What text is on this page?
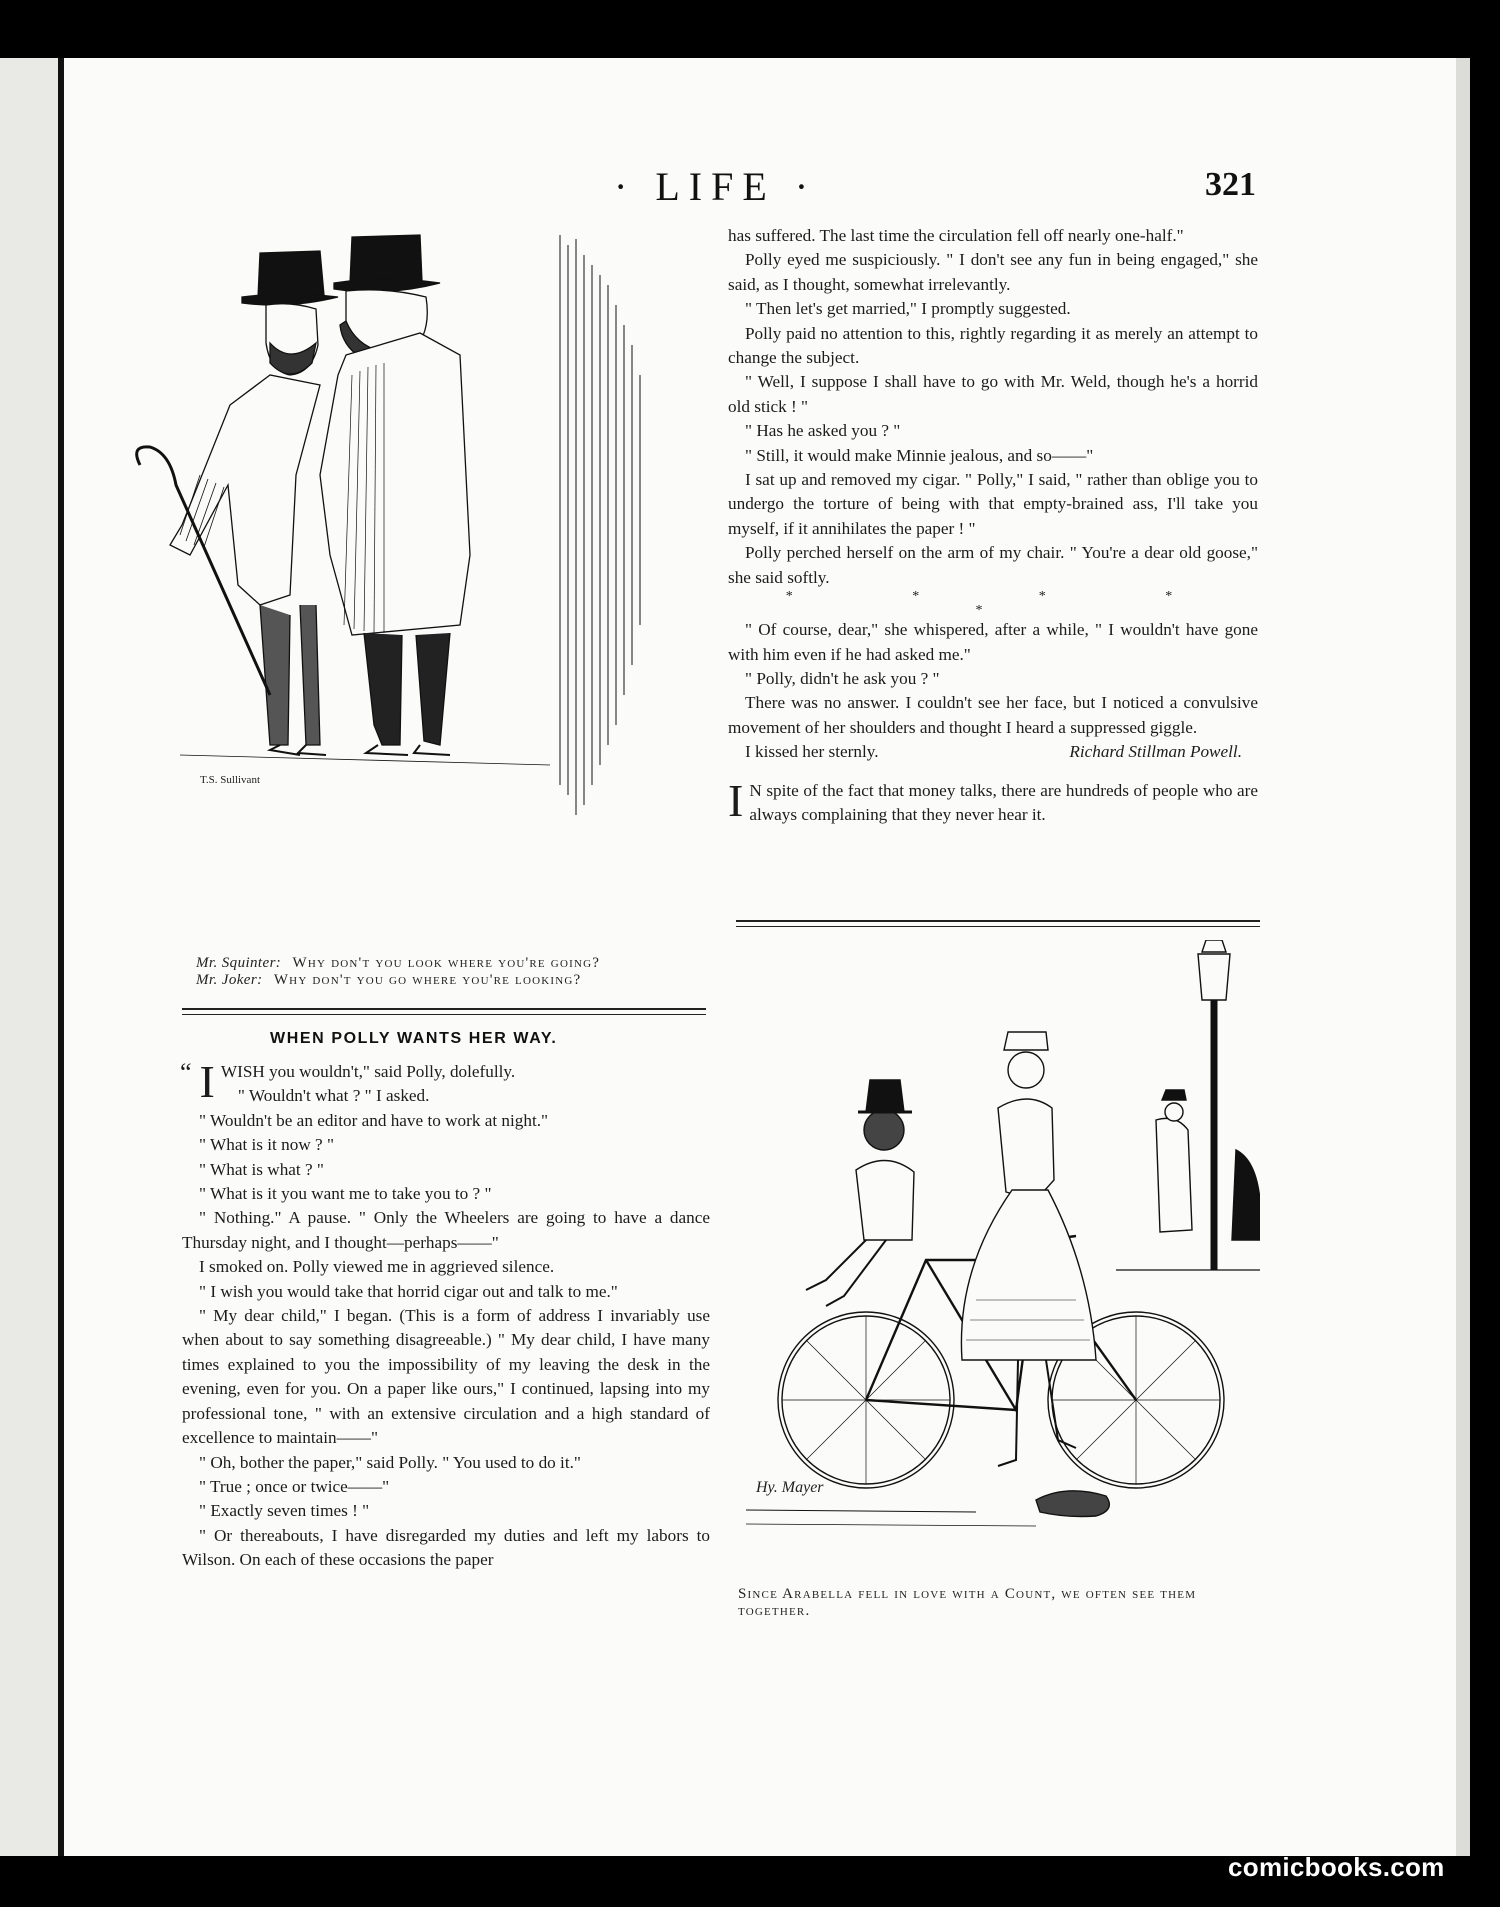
· LIFE ·	321
T.S. Sullivant
Mr. Squinter: Why don't you look where you're going?
Mr. Joker: Why don't you go where you're looking?
WHEN POLLY WANTS HER WAY.

“ I WISH you wouldn't," said Polly, dolefully.

" Wouldn't what ? " I asked.

" Wouldn't be an editor and have to work at night."

" What is it now ? "

" What is what ? "

" What is it you want me to take you to ? "

" Nothing." A pause. " Only the Wheelers are going to have a dance Thursday night, and I thought—perhaps——"

I smoked on. Polly viewed me in aggrieved silence.

" I wish you would take that horrid cigar out and talk to me."

" My dear child," I began. (This is a form of address I invariably use when about to say something disagreeable.) " My dear child, I have many times explained to you the impossibility of my leaving the desk in the evening, even for you. On a paper like ours," I continued, lapsing into my professional tone, " with an extensive circulation and a high standard of excellence to maintain——"

" Oh, bother the paper," said Polly. " You used to do it."

" True ; once or twice——"

" Exactly seven times ! "

" Or thereabouts, I have disregarded my duties and left my labors to Wilson. On each of these occasions the paper

has suffered. The last time the circulation fell off nearly one-half."

Polly eyed me suspiciously. " I don't see any fun in being engaged," she said, as I thought, somewhat irrelevantly.

" Then let's get married," I promptly suggested.

Polly paid no attention to this, rightly regarding it as merely an attempt to change the subject.

" Well, I suppose I shall have to go with Mr. Weld, though he's a horrid old stick ! "

" Has he asked you ? "

" Still, it would make Minnie jealous, and so——"

I sat up and removed my cigar. " Polly," I said, " rather than oblige you to undergo the torture of being with that empty-brained ass, I'll take you myself, if it annihilates the paper ! "

Polly perched herself on the arm of my chair. " You're a dear old goose," she said softly.

* * * * *

" Of course, dear," she whispered, after a while, " I wouldn't have gone with him even if he had asked me."

" Polly, didn't he ask you ? "

There was no answer. I couldn't see her face, but I noticed a convulsive movement of her shoulders and thought I heard a suppressed giggle.

I kissed her sternly.	Richard Stillman Powell.

I N spite of the fact that money talks, there are hundreds of people who are always complaining that they never hear it.

Hy. Mayer
Since Arabella fell in love with a Count, we often see them together.
comicbooks.com
